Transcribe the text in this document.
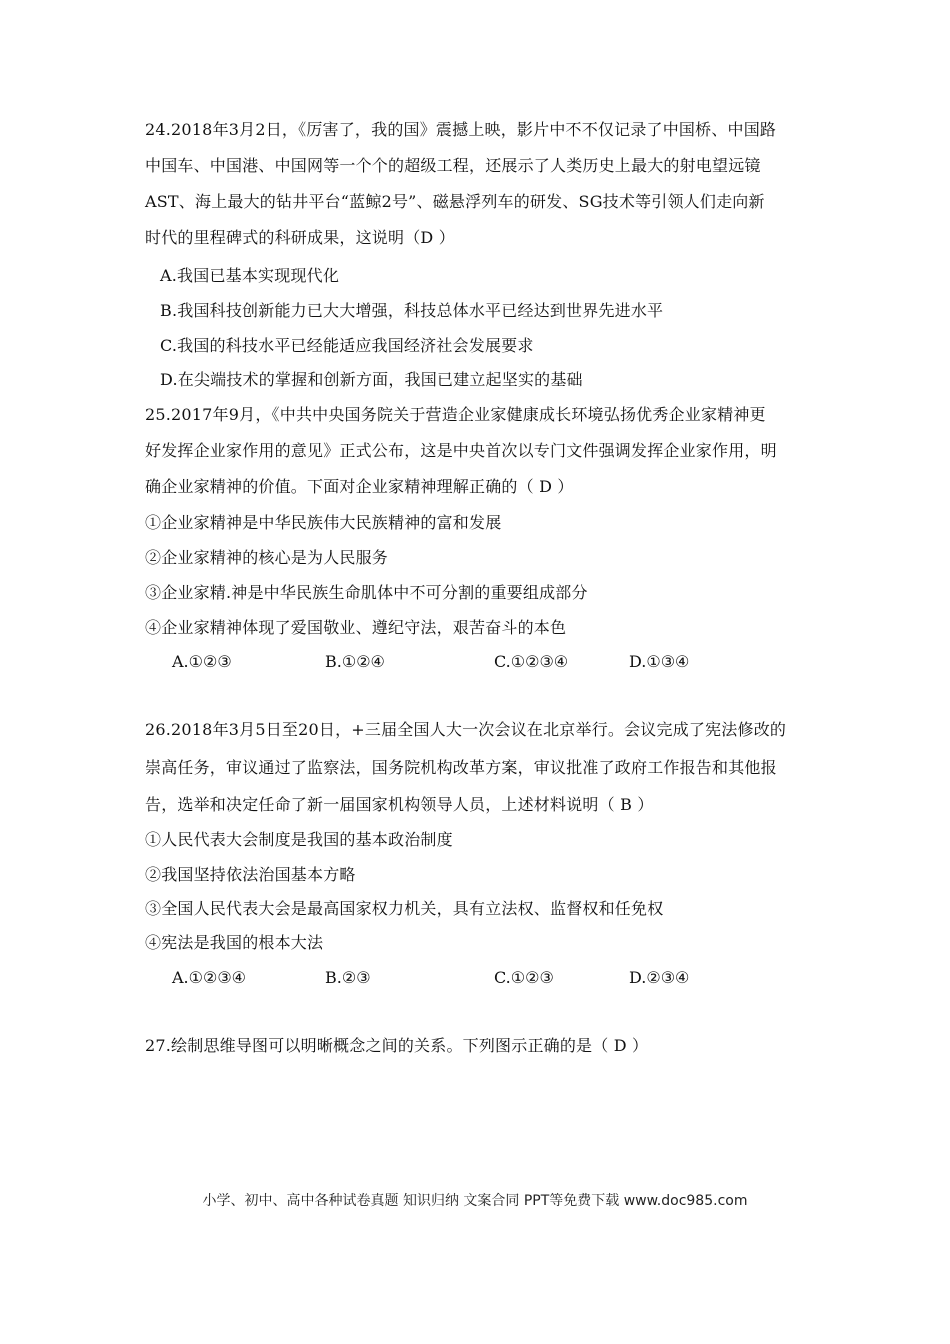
24.2018年3月2日，《厉害了，我的国》震撼上映，影片中不不仅记录了中国桥、中国路
中国车、中国港、中国网等一个个的超级工程，还展示了人类历史上最大的射电望远镜
AST、海上最大的钻井平台“蓝鲸2号”、磁悬浮列车的研发、SG技术等引领人们走向新
时代的里程碑式的科研成果，这说明（D ）
A.我国已基本实现现代化
B.我国科技创新能力已大大增强，科技总体水平已经达到世界先进水平
C.我国的科技水平已经能适应我国经济社会发展要求
D.在尖端技术的掌握和创新方面，我国已建立起坚实的基础
25.2017年9月，《中共中央国务院关于营造企业家健康成长环境弘扬优秀企业家精神更
好发挥企业家作用的意见》正式公布，这是中央首次以专门文件强调发挥企业家作用，明
确企业家精神的价值。下面对企业家精神理解正确的（ D ）
①企业家精神是中华民族伟大民族精神的富和发展
②企业家精神的核心是为人民服务
③企业家精.神是中华民族生命肌体中不可分割的重要组成部分
④企业家精神体现了爱国敬业、遵纪守法，艰苦奋斗的本色
A.①②③	B.①②④	C.①②③④	D.①③④
26.2018年3月5日至20日，+三届全国人大一次会议在北京举行。会议完成了宪法修改的
崇高任务，审议通过了监察法，国务院机构改革方案，审议批准了政府工作报告和其他报
告，选举和决定任命了新一届国家机构领导人员，上述材料说明（ B ）
①人民代表大会制度是我国的基本政治制度
②我国坚持依法治国基本方略
③全国人民代表大会是最高国家权力机关，具有立法权、监督权和任免权
④宪法是我国的根本大法
A.①②③④	B.②③	C.①②③	D.②③④
27.绘制思维导图可以明晰概念之间的关系。下列图示正确的是（ D ）
小学、初中、高中各种试卷真题 知识归纳 文案合同 PPT等免费下载 www.doc985.com
